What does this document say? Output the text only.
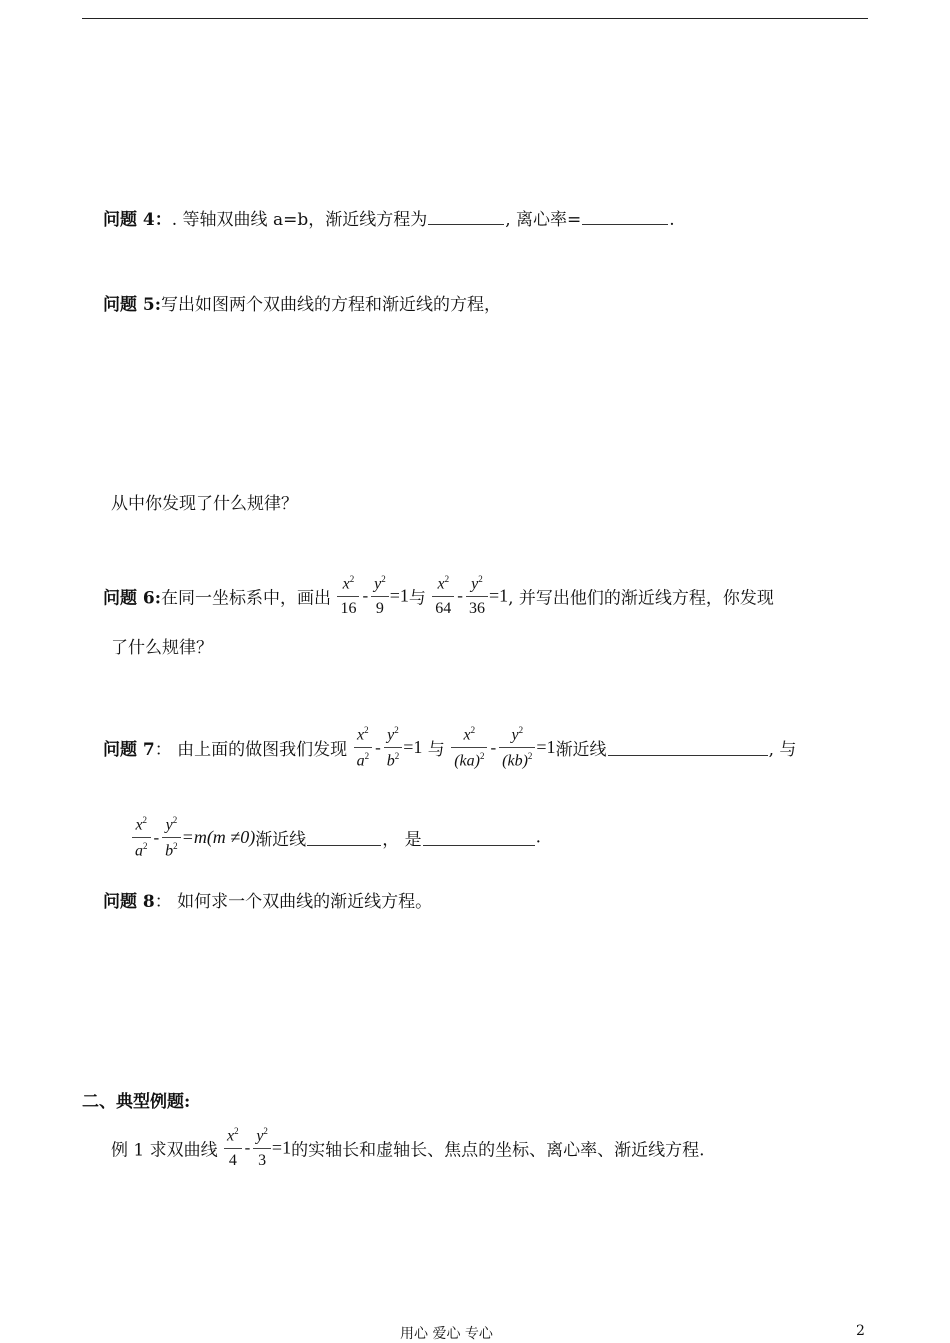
问题 4：. 等轴双曲线 a=b，渐近线方程为	, 离心率=	.
问题 5:写出如图两个双曲线的方程和渐近线的方程，
从中你发现了什么规律？
问题 6:在同一坐标系中，画出 $\frac{x^2}{16} - \frac{y^2}{9} =1$与 $\frac{x^2}{64} - \frac{y^2}{36} =1$, 并写出他们的渐近线方程，你发现
了什么规律？
问题 7： 由上面的做图我们发现 $\frac{x^2}{a^2} - \frac{y^2}{b^2} =1$ 与 $\frac{x^2}{(ka)^2} - \frac{y^2}{(kb)^2} =1$渐近线	, 与
$\frac{x^2}{a^2} - \frac{y^2}{b^2} =m(m \ne 0)$渐近线	， 是	.
问题 8： 如何求一个双曲线的渐近线方程。
二、典型例题:
例 1 求双曲线 $\frac{x^2}{4} - \frac{y^2}{3} =1$的实轴长和虚轴长、焦点的坐标、离心率、渐近线方程.
用心 爱心 专心	2
